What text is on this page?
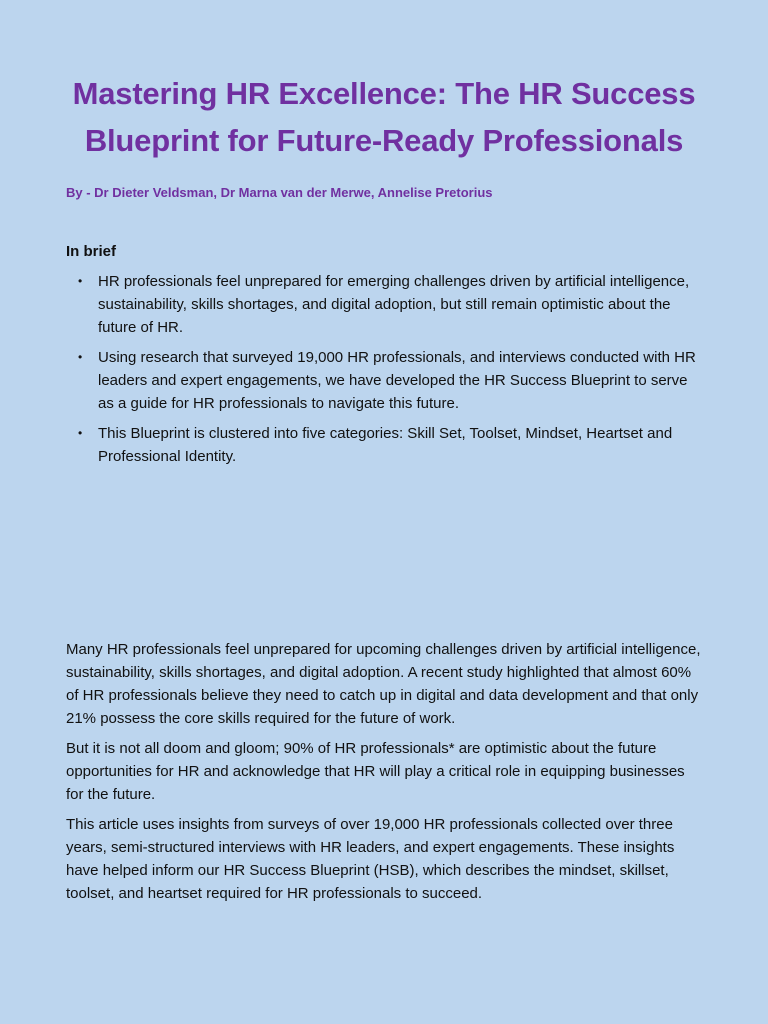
Mastering HR Excellence: The HR Success
Blueprint for Future-Ready Professionals

By - Dr Dieter Veldsman, Dr Marna van der Merwe, Annelise Pretorius

In brief

• HR professionals feel unprepared for emerging challenges driven by artificial intelligence, sustainability, skills shortages, and digital adoption, but still remain optimistic about the future of HR.
• Using research that surveyed 19,000 HR professionals, and interviews conducted with HR leaders and expert engagements, we have developed the HR Success Blueprint to serve as a guide for HR professionals to navigate this future.
• This Blueprint is clustered into five categories: Skill Set, Toolset, Mindset, Heartset and Professional Identity.

Many HR professionals feel unprepared for upcoming challenges driven by artificial intelligence, sustainability, skills shortages, and digital adoption. A recent study highlighted that almost 60% of HR professionals believe they need to catch up in digital and data development and that only 21% possess the core skills required for the future of work.

But it is not all doom and gloom; 90% of HR professionals* are optimistic about the future opportunities for HR and acknowledge that HR will play a critical role in equipping businesses for the future.

This article uses insights from surveys of over 19,000 HR professionals collected over three years, semi-structured interviews with HR leaders, and expert engagements. These insights have helped inform our HR Success Blueprint (HSB), which describes the mindset, skillset, toolset, and heartset required for HR professionals to succeed.
